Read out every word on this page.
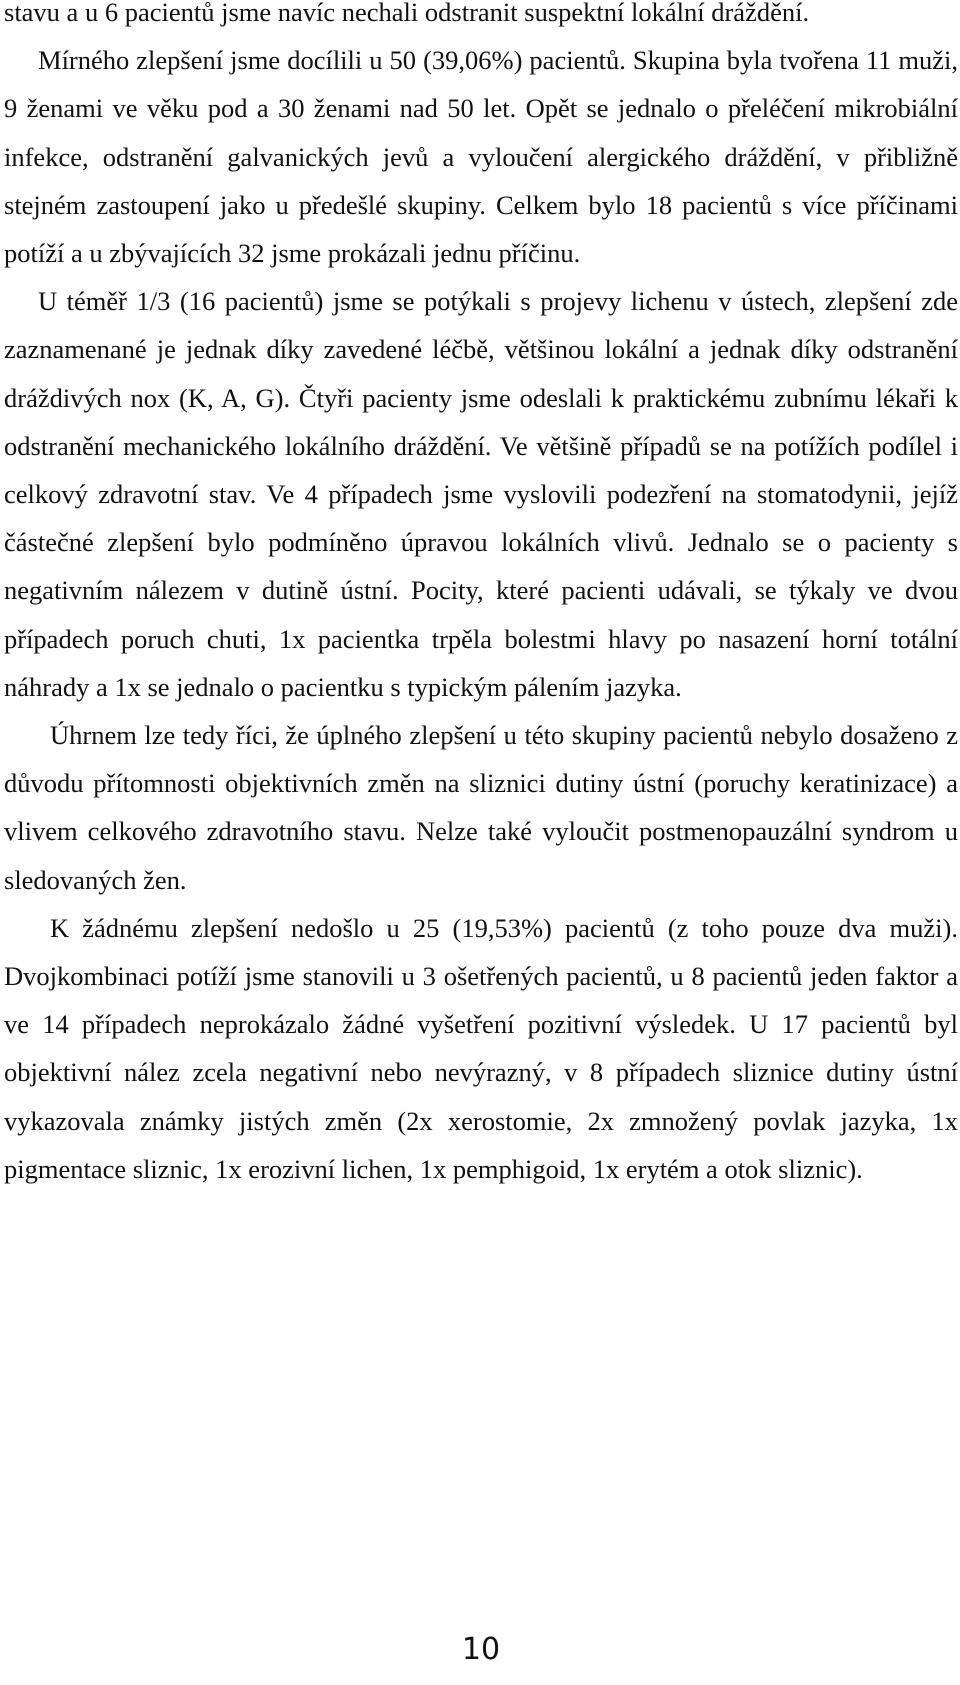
stavu a u 6 pacientů jsme navíc nechali odstranit suspektní lokální dráždění.

Mírného zlepšení jsme docílili u 50 (39,06%) pacientů. Skupina byla tvořena 11 muži, 9 ženami ve věku pod a 30 ženami nad 50 let. Opět se jednalo o přeléčení mikrobiální infekce, odstranění galvanických jevů a vyloučení alergického dráždění, v přibližně stejném zastoupení jako u předešlé skupiny. Celkem bylo 18 pacientů s více příčinami potíží a u zbývajících 32 jsme prokázali jednu příčinu.

U téměř 1/3 (16 pacientů) jsme se potýkali s projevy lichenu v ústech, zlepšení zde zaznamenané je jednak díky zavedené léčbě, většinou lokální a jednak díky odstranění dráždivých nox (K, A, G). Čtyři pacienty jsme odeslali k praktickému zubnímu lékaři k odstranění mechanického lokálního dráždění. Ve většině případů se na potížích podílel i celkový zdravotní stav. Ve 4 případech jsme vyslovili podezření na stomatodynii, jejíž částečné zlepšení bylo podmíněno úpravou lokálních vlivů. Jednalo se o pacienty s negativním nálezem v dutině ústní. Pocity, které pacienti udávali, se týkaly ve dvou případech poruch chuti, 1x pacientka trpěla bolestmi hlavy po nasazení horní totální náhrady a 1x se jednalo o pacientku s typickým pálením jazyka.

Úhrnem lze tedy říci, že úplného zlepšení u této skupiny pacientů nebylo dosaženo z důvodu přítomnosti objektivních změn na sliznici dutiny ústní (poruchy keratinizace) a vlivem celkového zdravotního stavu. Nelze také vyloučit postmenopauzální syndrom u sledovaných žen.

K žádnému zlepšení nedošlo u 25 (19,53%) pacientů (z toho pouze dva muži). Dvojkombinaci potíží jsme stanovili u 3 ošetřených pacientů, u 8 pacientů jeden faktor a ve 14 případech neprokázalo žádné vyšetření pozitivní výsledek. U 17 pacientů byl objektivní nález zcela negativní nebo nevýrazný, v 8 případech sliznice dutiny ústní vykazovala známky jistých změn (2x xerostomie, 2x zmnožený povlak jazyka, 1x pigmentace sliznic, 1x erozivní lichen, 1x pemphigoid, 1x erytém a otok sliznic).

10
